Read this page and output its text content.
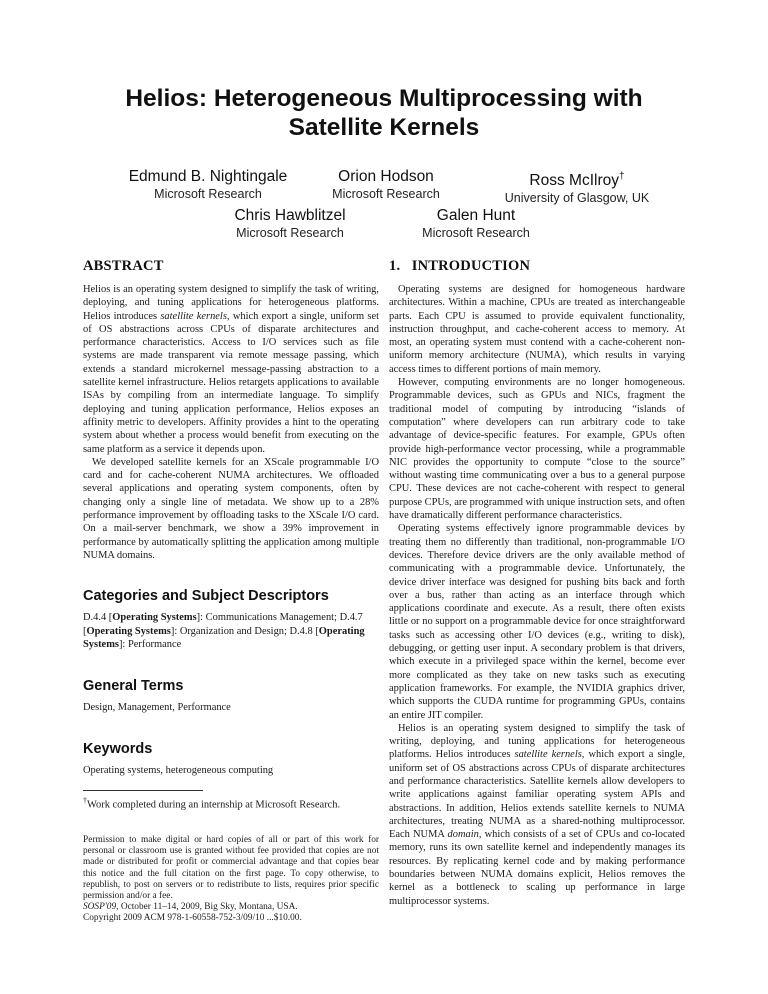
Helios: Heterogeneous Multiprocessing with
Satellite Kernels
Edmund B. Nightingale
Microsoft Research
Orion Hodson
Microsoft Research
Ross McIlroy†
University of Glasgow, UK
Chris Hawblitzel
Microsoft Research
Galen Hunt
Microsoft Research
ABSTRACT

Helios is an operating system designed to simplify the task of writing, deploying, and tuning applications for heterogeneous platforms. Helios introduces satellite kernels, which export a single, uniform set of OS abstractions across CPUs of disparate architectures and performance characteristics. Access to I/O services such as file systems are made transparent via remote message passing, which extends a standard microkernel message-passing abstraction to a satellite kernel infrastructure. Helios retargets applications to available ISAs by compiling from an intermediate language. To simplify deploying and tuning application performance, Helios exposes an affinity metric to developers. Affinity provides a hint to the operating system about whether a process would benefit from executing on the same platform as a service it depends upon.

We developed satellite kernels for an XScale programmable I/O card and for cache-coherent NUMA architectures. We offloaded several applications and operating system components, often by changing only a single line of metadata. We show up to a 28% performance improvement by offloading tasks to the XScale I/O card. On a mail-server benchmark, we show a 39% improvement in performance by automatically splitting the application among multiple NUMA domains.

Categories and Subject Descriptors

D.4.4 [Operating Systems]: Communications Management; D.4.7 [Operating Systems]: Organization and Design; D.4.8 [Operating Systems]: Performance

General Terms

Design, Management, Performance

Keywords

Operating systems, heterogeneous computing

†Work completed during an internship at Microsoft Research.

Permission to make digital or hard copies of all or part of this work for personal or classroom use is granted without fee provided that copies are not made or distributed for profit or commercial advantage and that copies bear this notice and the full citation on the first page. To copy otherwise, to republish, to post on servers or to redistribute to lists, requires prior specific permission and/or a fee.

SOSP'09, October 11–14, 2009, Big Sky, Montana, USA.

Copyright 2009 ACM 978-1-60558-752-3/09/10 ...$10.00.

1.   INTRODUCTION

Operating systems are designed for homogeneous hardware architectures. Within a machine, CPUs are treated as interchangeable parts. Each CPU is assumed to provide equivalent functionality, instruction throughput, and cache-coherent access to memory. At most, an operating system must contend with a cache-coherent non-uniform memory architecture (NUMA), which results in varying access times to different portions of main memory.

However, computing environments are no longer homogeneous. Programmable devices, such as GPUs and NICs, fragment the traditional model of computing by introducing “islands of computation” where developers can run arbitrary code to take advantage of device-specific features. For example, GPUs often provide high-performance vector processing, while a programmable NIC provides the opportunity to compute “close to the source” without wasting time communicating over a bus to a general purpose CPU. These devices are not cache-coherent with respect to general purpose CPUs, are programmed with unique instruction sets, and often have dramatically different performance characteristics.

Operating systems effectively ignore programmable devices by treating them no differently than traditional, non-programmable I/O devices. Therefore device drivers are the only available method of communicating with a programmable device. Unfortunately, the device driver interface was designed for pushing bits back and forth over a bus, rather than acting as an interface through which applications coordinate and execute. As a result, there often exists little or no support on a programmable device for once straightforward tasks such as accessing other I/O devices (e.g., writing to disk), debugging, or getting user input. A secondary problem is that drivers, which execute in a privileged space within the kernel, become ever more complicated as they take on new tasks such as executing application frameworks. For example, the NVIDIA graphics driver, which supports the CUDA runtime for programming GPUs, contains an entire JIT compiler.

Helios is an operating system designed to simplify the task of writing, deploying, and tuning applications for heterogeneous platforms. Helios introduces satellite kernels, which export a single, uniform set of OS abstractions across CPUs of disparate architectures and performance characteristics. Satellite kernels allow developers to write applications against familiar operating system APIs and abstractions. In addition, Helios extends satellite kernels to NUMA architectures, treating NUMA as a shared-nothing multiprocessor. Each NUMA domain, which consists of a set of CPUs and co-located memory, runs its own satellite kernel and independently manages its resources. By replicating kernel code and by making performance boundaries between NUMA domains explicit, Helios removes the kernel as a bottleneck to scaling up performance in large multiprocessor systems.
